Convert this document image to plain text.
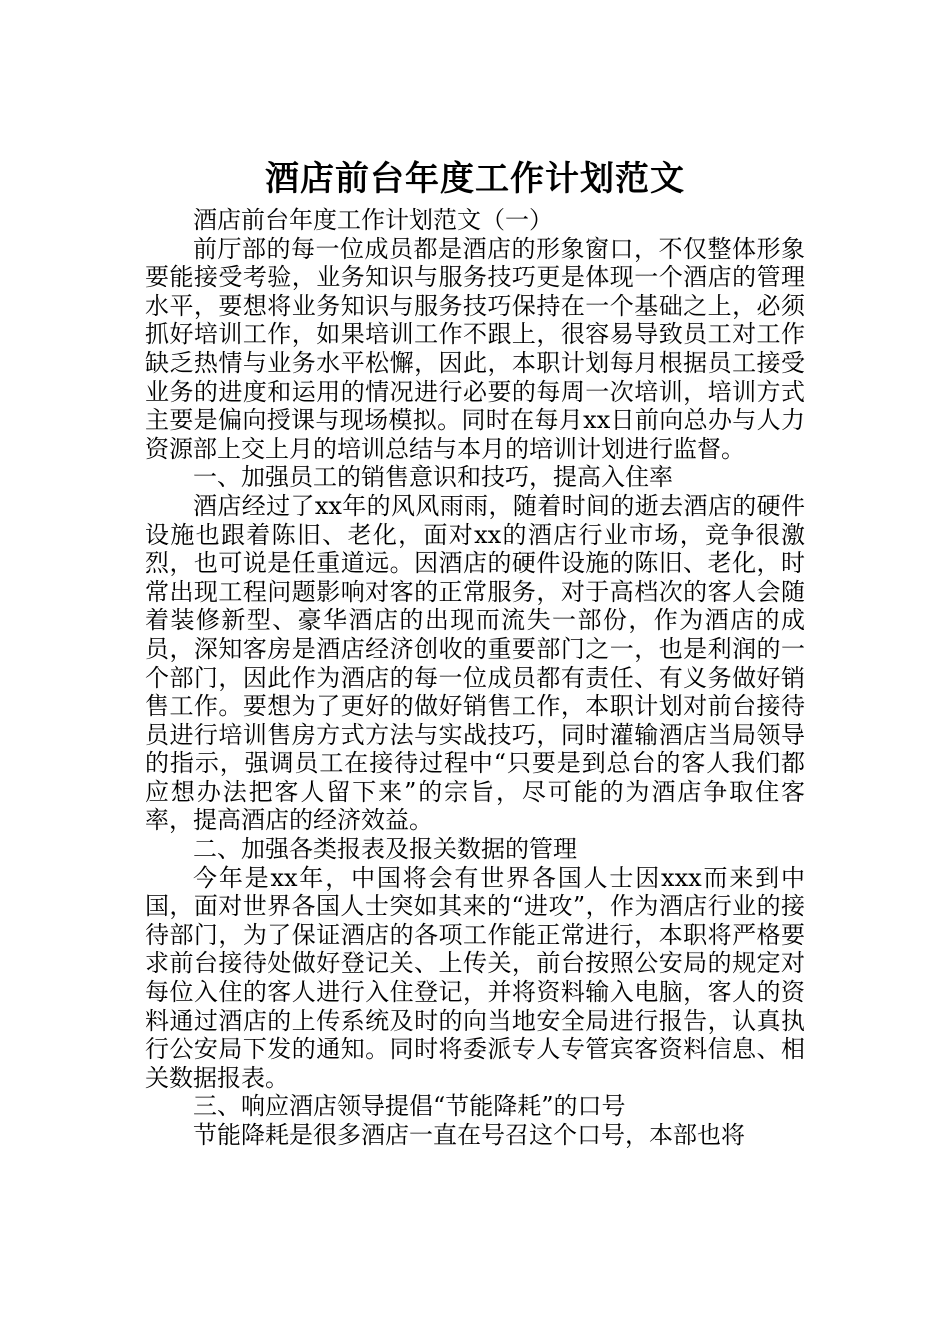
酒店前台年度工作计划范文

酒店前台年度工作计划范文（一）

前厅部的每一位成员都是酒店的形象窗口，不仅整体形象要能接受考验，业务知识与服务技巧更是体现一个酒店的管理水平，要想将业务知识与服务技巧保持在一个基础之上，必须抓好培训工作，如果培训工作不跟上，很容易导致员工对工作缺乏热情与业务水平松懈，因此，本职计划每月根据员工接受业务的进度和运用的情况进行必要的每周一次培训，培训方式主要是偏向授课与现场模拟。同时在每月xx日前向总办与人力资源部上交上月的培训总结与本月的培训计划进行监督。

一、加强员工的销售意识和技巧，提高入住率

酒店经过了xx年的风风雨雨，随着时间的逝去酒店的硬件设施也跟着陈旧、老化，面对xx的酒店行业市场，竞争很激烈，也可说是任重道远。因酒店的硬件设施的陈旧、老化，时常出现工程问题影响对客的正常服务，对于高档次的客人会随着装修新型、豪华酒店的出现而流失一部份，作为酒店的成员，深知客房是酒店经济创收的重要部门之一，也是利润的一个部门，因此作为酒店的每一位成员都有责任、有义务做好销售工作。要想为了更好的做好销售工作，本职计划对前台接待员进行培训售房方式方法与实战技巧，同时灌输酒店当局领导的指示，强调员工在接待过程中“只要是到总台的客人我们都应想办法把客人留下来”的宗旨，尽可能的为酒店争取住客率，提高酒店的经济效益。

二、加强各类报表及报关数据的管理

今年是xx年，中国将会有世界各国人士因xxx而来到中国，面对世界各国人士突如其来的“进攻”，作为酒店行业的接待部门，为了保证酒店的各项工作能正常进行，本职将严格要求前台接待处做好登记关、上传关，前台按照公安局的规定对每位入住的客人进行入住登记，并将资料输入电脑，客人的资料通过酒店的上传系统及时的向当地安全局进行报告，认真执行公安局下发的通知。同时将委派专人专管宾客资料信息、相关数据报表。

三、响应酒店领导提倡“节能降耗”的口号

节能降耗是很多酒店一直在号召这个口号，本部也将
